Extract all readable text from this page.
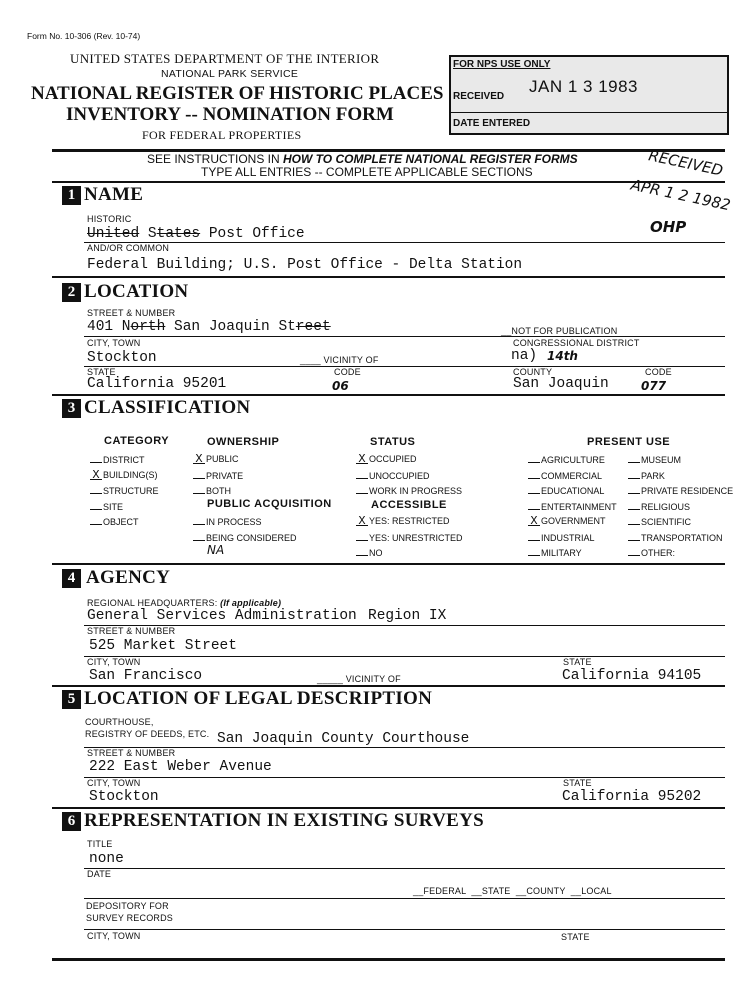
Form No. 10-306 (Rev. 10-74)
UNITED STATES DEPARTMENT OF THE INTERIOR
NATIONAL PARK SERVICE
NATIONAL REGISTER OF HISTORIC PLACES
INVENTORY -- NOMINATION FORM
FOR FEDERAL PROPERTIES
FOR NPS USE ONLY
RECEIVED
JAN 1 3 1983
DATE ENTERED
SEE INSTRUCTIONS IN HOW TO COMPLETE NATIONAL REGISTER FORMS
TYPE ALL ENTRIES -- COMPLETE APPLICABLE SECTIONS	RECEIVED
APR 1 2 1982
OHP
1 NAME
HISTORIC
United States Post Office
AND/OR COMMON
Federal Building; U.S. Post Office - Delta Station
2 LOCATION
STREET & NUMBER
401 North San Joaquin Street	__NOT FOR PUBLICATION
CITY, TOWN	CONGRESSIONAL DISTRICT
Stockton	____ VICINITY OF	na) 14th
STATE	CODE	COUNTY	CODE
California 95201	06	San Joaquin	077
3 CLASSIFICATION
CATEGORY	OWNERSHIP	STATUS	PRESENT USE
DISTRICT
X BUILDING(S)
STRUCTURE
SITE
OBJECT
X PUBLIC
PRIVATE
BOTH
PUBLIC ACQUISITION
IN PROCESS
BEING CONSIDERED
NA
X OCCUPIED
UNOCCUPIED
WORK IN PROGRESS
ACCESSIBLE
X YES: RESTRICTED
YES: UNRESTRICTED
NO
AGRICULTURE
COMMERCIAL
EDUCATIONAL
ENTERTAINMENT
X GOVERNMENT
INDUSTRIAL
MILITARY
MUSEUM
PARK
PRIVATE RESIDENCE
RELIGIOUS
SCIENTIFIC
TRANSPORTATION
OTHER:
4 AGENCY
REGIONAL HEADQUARTERS: (If applicable)
General Services Administration Region IX
STREET & NUMBER
525 Market Street
CITY, TOWN	STATE
San Francisco	_____ VICINITY OF	California 94105
5 LOCATION OF LEGAL DESCRIPTION
COURTHOUSE,
REGISTRY OF DEEDS, ETC. San Joaquin County Courthouse
STREET & NUMBER
222 East Weber Avenue
CITY, TOWN	STATE
Stockton	California 95202
6 REPRESENTATION IN EXISTING SURVEYS
TITLE
none
DATE
__FEDERAL  __STATE  __COUNTY  __LOCAL
DEPOSITORY FOR
SURVEY RECORDS
CITY, TOWN	STATE
